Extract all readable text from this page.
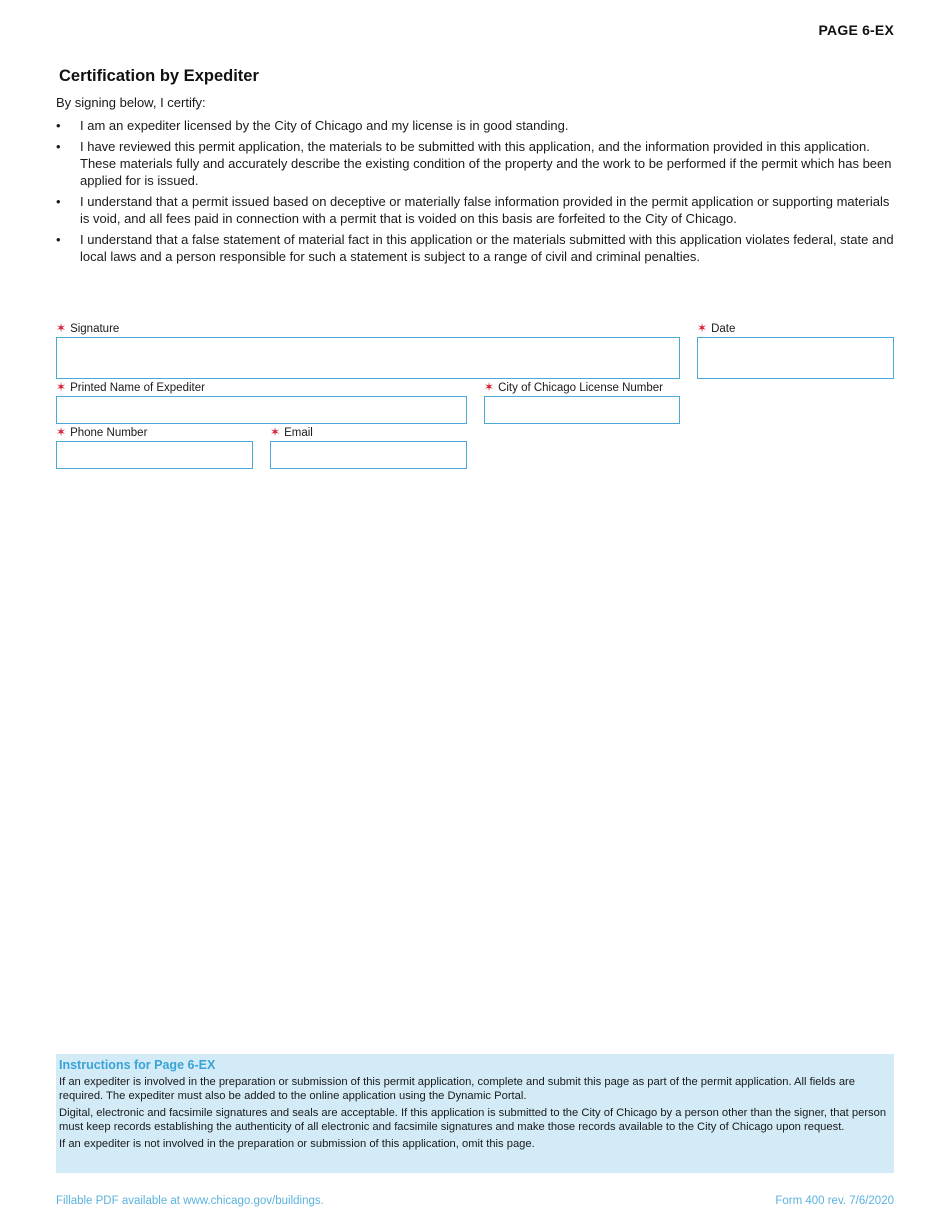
PAGE 6-EX
Certification by Expediter
By signing below, I certify:
• I am an expediter licensed by the City of Chicago and my license is in good standing.
• I have reviewed this permit application, the materials to be submitted with this application, and the information provided in this application. These materials fully and accurately describe the existing condition of the property and the work to be performed if the permit which has been applied for is issued.
• I understand that a permit issued based on deceptive or materially false information provided in the permit application or supporting materials is void, and all fees paid in connection with a permit that is voided on this basis are forfeited to the City of Chicago.
• I understand that a false statement of material fact in this application or the materials submitted with this application violates federal, state and local laws and a person responsible for such a statement is subject to a range of civil and criminal penalties.
✶ Signature	✶ Date
✶ Printed Name of Expediter	✶ City of Chicago License Number
✶ Phone Number	✶ Email
Instructions for Page 6-EX

If an expediter is involved in the preparation or submission of this permit application, complete and submit this page as part of the permit application. All fields are required. The expediter must also be added to the online application using the Dynamic Portal.

Digital, electronic and facsimile signatures and seals are acceptable. If this application is submitted to the City of Chicago by a person other than the signer, that person must keep records establishing the authenticity of all electronic and facsimile signatures and make those records available to the City of Chicago upon request.

If an expediter is not involved in the preparation or submission of this application, omit this page.

Fillable PDF available at www.chicago.gov/buildings.	Form 400 rev. 7/6/2020
